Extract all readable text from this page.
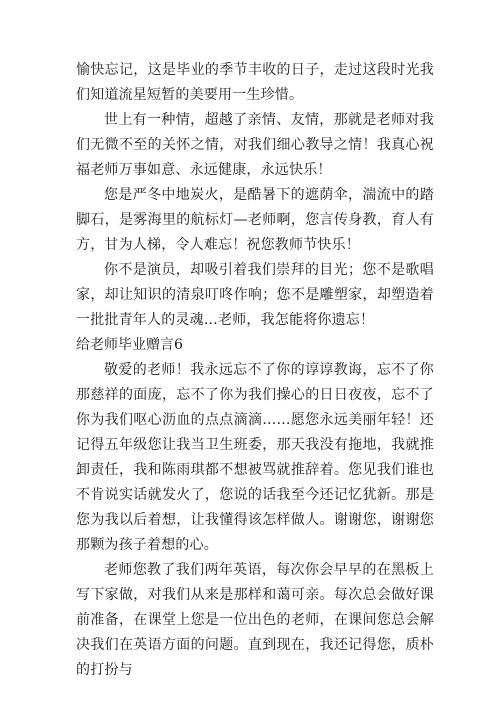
愉快忘记，这是毕业的季节丰收的日子，走过这段时光我们知道流星短暂的美要用一生珍惜。

世上有一种情，超越了亲情、友情，那就是老师对我们无微不至的关怀之情，对我们细心教导之情！我真心祝福老师万事如意、永远健康，永远快乐！

您是严冬中地炭火，是酷暑下的遮荫伞，湍流中的踏脚石，是雾海里的航标灯—老师啊，您言传身教，育人有方，甘为人梯，令人难忘！祝您教师节快乐！

你不是演员，却吸引着我们崇拜的目光；您不是歌唱家，却让知识的清泉叮咚作响；您不是雕塑家，却塑造着一批批青年人的灵魂…老师，我怎能将你遗忘！

给老师毕业赠言6

敬爱的老师！我永远忘不了你的谆谆教诲，忘不了你那慈祥的面庞，忘不了你为我们操心的日日夜夜，忘不了你为我们呕心沥血的点点滴滴……愿您永远美丽年轻！还记得五年级您让我当卫生班委，那天我没有拖地，我就推卸责任，我和陈雨琪都不想被骂就推辞着。您见我们谁也不肯说实话就发火了，您说的话我至今还记忆犹新。那是您为我以后着想，让我懂得该怎样做人。谢谢您，谢谢您那颗为孩子着想的心。

老师您教了我们两年英语，每次你会早早的在黑板上写下家做，对我们从来是那样和蔼可亲。每次总会做好课前准备，在课堂上您是一位出色的老师，在课间您总会解决我们在英语方面的问题。直到现在，我还记得您，质朴的打扮与
